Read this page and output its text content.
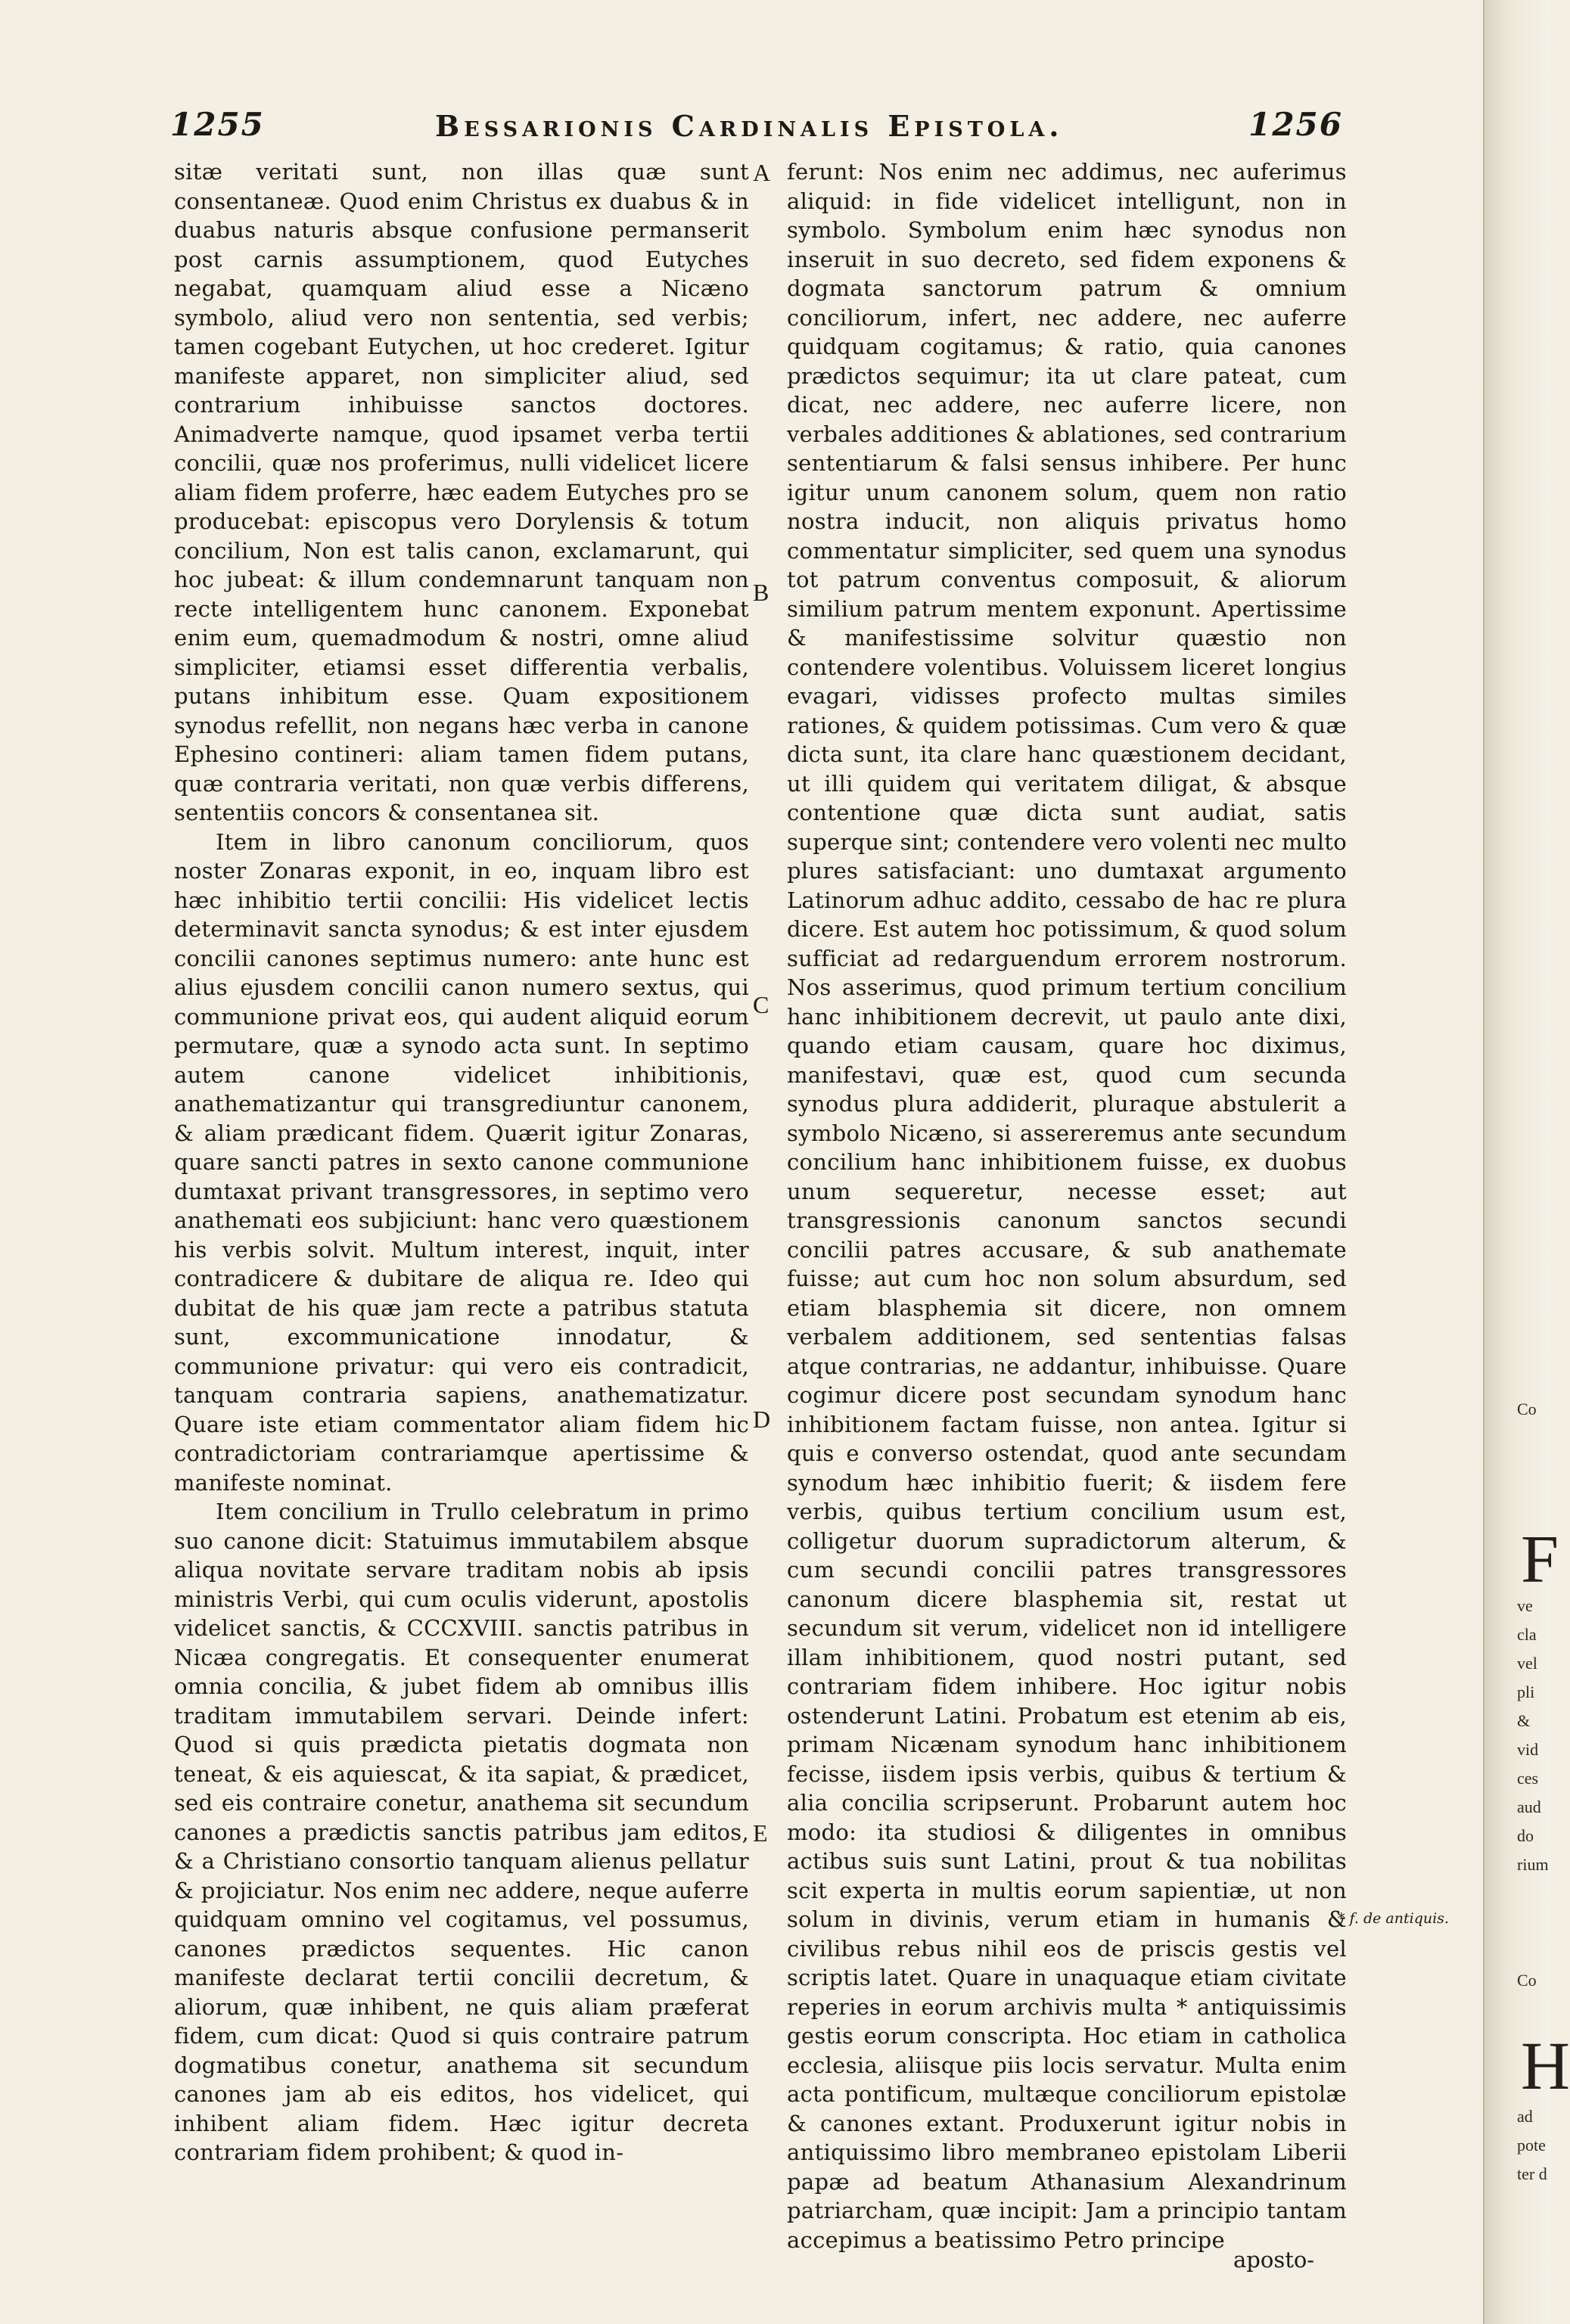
1255	Bessarionis Cardinalis Epistola.	1256

sitæ veritati sunt, non illas quæ sunt consentaneæ. Quod enim Christus ex duabus & in duabus naturis absque confusione permanserit post carnis assumptionem, quod Eutyches negabat, quamquam aliud esse a Nicæno symbolo, aliud vero non sententia, sed verbis; tamen cogebant Eutychen, ut hoc crederet. Igitur manifeste apparet, non simpliciter aliud, sed contrarium inhibuisse sanctos doctores. Animadverte namque, quod ipsamet verba tertii concilii, quæ nos proferimus, nulli videlicet licere aliam fidem proferre, hæc eadem Eutyches pro se producebat: episcopus vero Dorylensis & totum concilium, Non est talis canon, exclamarunt, qui hoc jubeat: & illum condemnarunt tanquam non recte intelligentem hunc canonem. Exponebat enim eum, quemadmodum & nostri, omne aliud simpliciter, etiamsi esset differentia verbalis, putans inhibitum esse. Quam expositionem synodus refellit, non negans hæc verba in canone Ephesino contineri: aliam tamen fidem putans, quæ contraria veritati, non quæ verbis differens, sententiis concors & consentanea sit.

Item in libro canonum conciliorum, quos noster Zonaras exponit, in eo, inquam libro est hæc inhibitio tertii concilii: His videlicet lectis determinavit sancta synodus; & est inter ejusdem concilii canones septimus numero: ante hunc est alius ejusdem concilii canon numero sextus, qui communione privat eos, qui audent aliquid eorum permutare, quæ a synodo acta sunt. In septimo autem canone videlicet inhibitionis, anathematizantur qui transgrediuntur canonem, & aliam prædicant fidem. Quærit igitur Zonaras, quare sancti patres in sexto canone communione dumtaxat privant transgressores, in septimo vero anathemati eos subjiciunt: hanc vero quæstionem his verbis solvit. Multum interest, inquit, inter contradicere & dubitare de aliqua re. Ideo qui dubitat de his quæ jam recte a patribus statuta sunt, excommunicatione innodatur, & communione privatur: qui vero eis contradicit, tanquam contraria sapiens, anathematizatur. Quare iste etiam commentator aliam fidem hic contradictoriam contrariamque apertissime & manifeste nominat.

Item concilium in Trullo celebratum in primo suo canone dicit: Statuimus immutabilem absque aliqua novitate servare traditam nobis ab ipsis ministris Verbi, qui cum oculis viderunt, apostolis videlicet sanctis, & CCCXVIII. sanctis patribus in Nicæa congregatis. Et consequenter enumerat omnia concilia, & jubet fidem ab omnibus illis traditam immutabilem servari. Deinde infert: Quod si quis prædicta pietatis dogmata non teneat, & eis aquiescat, & ita sapiat, & prædicet, sed eis contraire conetur, anathema sit secundum canones a prædictis sanctis patribus jam editos, & a Christiano consortio tanquam alienus pellatur & projiciatur. Nos enim nec addere, neque auferre quidquam omnino vel cogitamus, vel possumus, canones prædictos sequentes. Hic canon manifeste declarat tertii concilii decretum, & aliorum, quæ inhibent, ne quis aliam præferat fidem, cum dicat: Quod si quis contraire patrum dogmatibus conetur, anathema sit secundum canones jam ab eis editos, hos videlicet, qui inhibent aliam fidem. Hæc igitur decreta contrariam fidem prohibent; & quod in-

ferunt: Nos enim nec addimus, nec auferimus aliquid: in fide videlicet intelligunt, non in symbolo. Symbolum enim hæc synodus non inseruit in suo decreto, sed fidem exponens & dogmata sanctorum patrum & omnium conciliorum, infert, nec addere, nec auferre quidquam cogitamus; & ratio, quia canones prædictos sequimur; ita ut clare pateat, cum dicat, nec addere, nec auferre licere, non verbales additiones & ablationes, sed contrarium sententiarum & falsi sensus inhibere. Per hunc igitur unum canonem solum, quem non ratio nostra inducit, non aliquis privatus homo commentatur simpliciter, sed quem una synodus tot patrum conventus composuit, & aliorum similium patrum mentem exponunt. Apertissime & manifestissime solvitur quæstio non contendere volentibus. Voluissem liceret longius evagari, vidisses profecto multas similes rationes, & quidem potissimas. Cum vero & quæ dicta sunt, ita clare hanc quæstionem decidant, ut illi quidem qui veritatem diligat, & absque contentione quæ dicta sunt audiat, satis superque sint; contendere vero volenti nec multo plures satisfaciant: uno dumtaxat argumento Latinorum adhuc addito, cessabo de hac re plura dicere. Est autem hoc potissimum, & quod solum sufficiat ad redarguendum errorem nostrorum. Nos asserimus, quod primum tertium concilium hanc inhibitionem decrevit, ut paulo ante dixi, quando etiam causam, quare hoc diximus, manifestavi, quæ est, quod cum secunda synodus plura addiderit, pluraque abstulerit a symbolo Nicæno, si assereremus ante secundum concilium hanc inhibitionem fuisse, ex duobus unum sequeretur, necesse esset; aut transgressionis canonum sanctos secundi concilii patres accusare, & sub anathemate fuisse; aut cum hoc non solum absurdum, sed etiam blasphemia sit dicere, non omnem verbalem additionem, sed sententias falsas atque contrarias, ne addantur, inhibuisse. Quare cogimur dicere post secundam synodum hanc inhibitionem factam fuisse, non antea. Igitur si quis e converso ostendat, quod ante secundam synodum hæc inhibitio fuerit; & iisdem fere verbis, quibus tertium concilium usum est, colligetur duorum supradictorum alterum, & cum secundi concilii patres transgressores canonum dicere blasphemia sit, restat ut secundum sit verum, videlicet non id intelligere illam inhibitionem, quod nostri putant, sed contrariam fidem inhibere. Hoc igitur nobis ostenderunt Latini. Probatum est etenim ab eis, primam Nicænam synodum hanc inhibitionem fecisse, iisdem ipsis verbis, quibus & tertium & alia concilia scripserunt. Probarunt autem hoc modo: ita studiosi & diligentes in omnibus actibus suis sunt Latini, prout & tua nobilitas scit experta in multis eorum sapientiæ, ut non solum in divinis, verum etiam in humanis & civilibus rebus nihil eos de priscis gestis vel scriptis latet. Quare in unaquaque etiam civitate reperies in eorum archivis multa * antiquissimis gestis eorum conscripta. Hoc etiam in catholica ecclesia, aliisque piis locis servatur. Multa enim acta pontificum, multæque conciliorum epistolæ & canones extant. Produxerunt igitur nobis in antiquissimo libro membraneo epistolam Liberii papæ ad beatum Athanasium Alexandrinum patriarcham, quæ incipit: Jam a principio tantam accepimus a beatissimo Petro principe

aposto-
A
B
C
D
E
* f. de antiquis.
Co
F
ve
cla
vel
pli
&
vid
ces
aud
do
rium
Co
H
ad
pote
ter d
